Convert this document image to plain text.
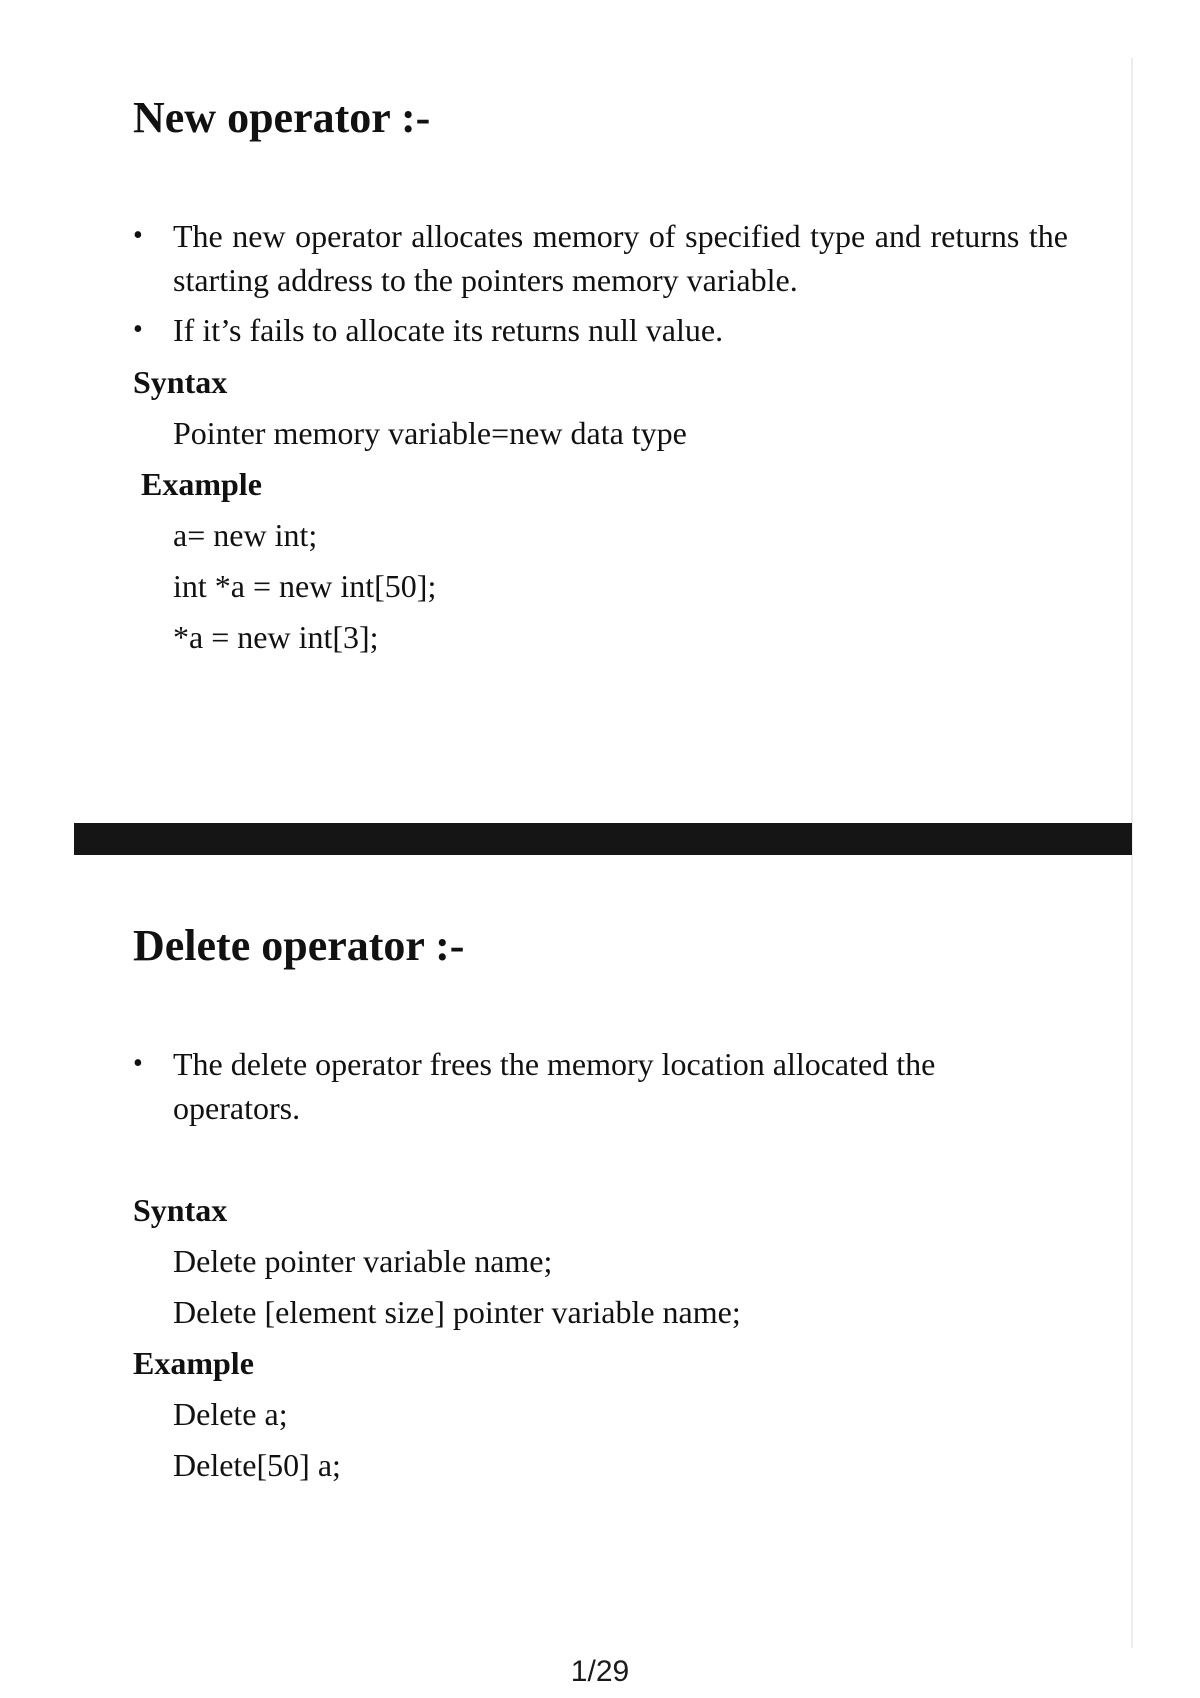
New operator :-
• The new operator allocates memory of specified type and returns the starting address to the pointers memory variable.
• If it’s fails to allocate its returns null value.
Syntax
Pointer memory variable=new data type
Example
a= new int;
int *a = new int[50];
*a = new int[3];
Delete operator :-
• The delete operator frees the memory location allocated the operators.
Syntax
Delete pointer variable name;
Delete [element size] pointer variable name;
Example
Delete a;
Delete[50] a;
1/29
